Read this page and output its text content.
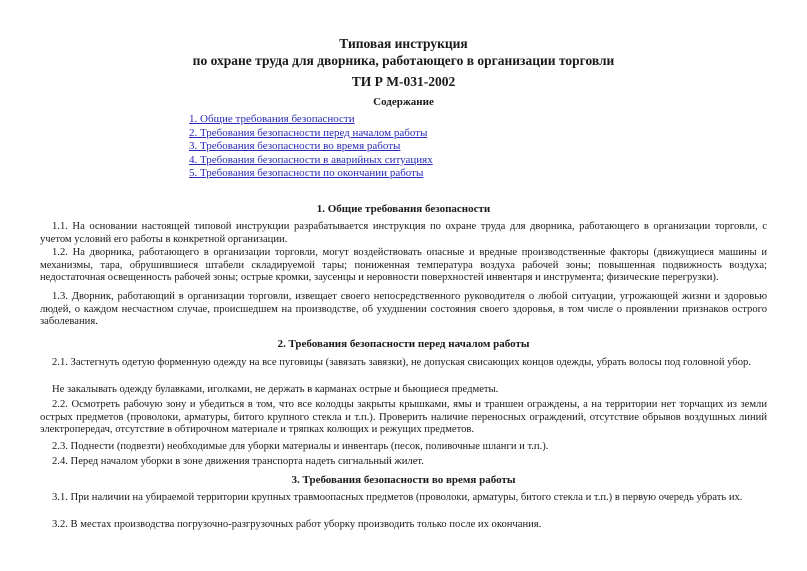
Типовая инструкция
по охране труда для дворника, работающего в организации торговли
ТИ Р М-031-2002
Содержание
1. Общие требования безопасности
2. Требования безопасности перед началом работы
3. Требования безопасности во время работы
4. Требования безопасности в аварийных ситуациях
5. Требования безопасности по окончании работы
1. Общие требования безопасности

1.1. На основании настоящей типовой инструкции разрабатывается инструкция по охране труда для дворника, работающего в организации торговли, с учетом условий его работы в конкретной организации.

1.2. На дворника, работающего в организации торговли, могут воздействовать опасные и вредные производственные факторы (движущиеся машины и механизмы, тара, обрушившиеся штабели складируемой тары; пониженная температура воздуха рабочей зоны; повышенная подвижность воздуха; недостаточная освещенность рабочей зоны; острые кромки, заусенцы и неровности поверхностей инвентаря и инструмента; физические перегрузки).

1.3. Дворник, работающий в организации торговли, извещает своего непосредственного руководителя о любой ситуации, угрожающей жизни и здоровью людей, о каждом несчастном случае, происшедшем на производстве, об ухудшении состояния своего здоровья, в том числе о проявлении признаков острого заболевания.

2. Требования безопасности перед началом работы

2.1. Застегнуть одетую форменную одежду на все пуговицы (завязать завязки), не допуская свисающих концов одежды, убрать волосы под головной убор.

Не закалывать одежду булавками, иголками, не держать в карманах острые и бьющиеся предметы.

2.2. Осмотреть рабочую зону и убедиться в том, что все колодцы закрыты крышками, ямы и траншеи ограждены, а на территории нет торчащих из земли острых предметов (проволоки, арматуры, битого крупного стекла и т.п.). Проверить наличие переносных ограждений, отсутствие обрывов воздушных линий электропередач, отсутствие в обтирочном материале и тряпках колющих и режущих предметов.

2.3. Поднести (подвезти) необходимые для уборки материалы и инвентарь (песок, поливочные шланги и т.п.).

2.4. Перед началом уборки в зоне движения транспорта надеть сигнальный жилет.

3. Требования безопасности во время работы

3.1. При наличии на убираемой территории крупных травмоопасных предметов (проволоки, арматуры, битого стекла и т.п.) в первую очередь убрать их.

3.2. В местах производства погрузочно-разгрузочных работ уборку производить только после их окончания.
